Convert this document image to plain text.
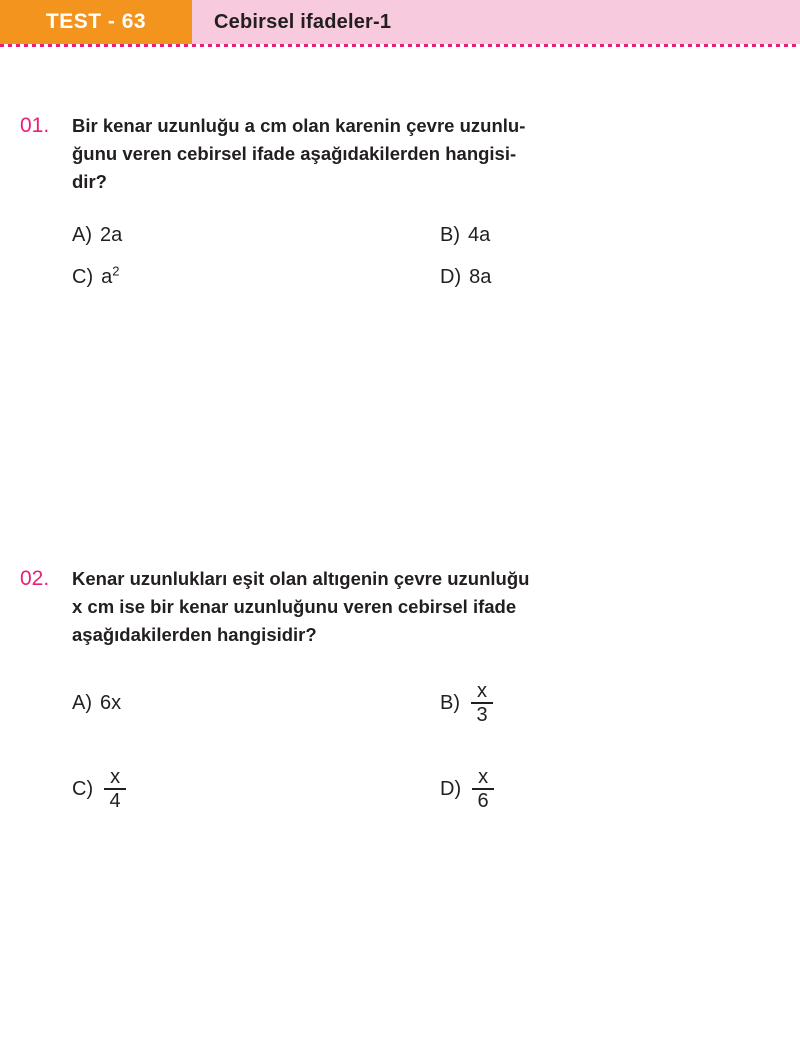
TEST - 63	Cebirsel ifadeler-1
01.	Bir kenar uzunluğu a cm olan karenin çevre uzunlu-
ğunu veren cebirsel ifade aşağıdakilerden hangisi-
dir?
A) 2a	B) 4a
C) $a^2$	D) 8a
02.	Kenar uzunlukları eşit olan altıgenin çevre uzunluğu
x cm ise bir kenar uzunluğunu veren cebirsel ifade
aşağıdakilerden hangisidir?
A) 6x	$B) \frac{x}{3}$
$C) \frac{x}{4}$	$D) \frac{x}{6}$
